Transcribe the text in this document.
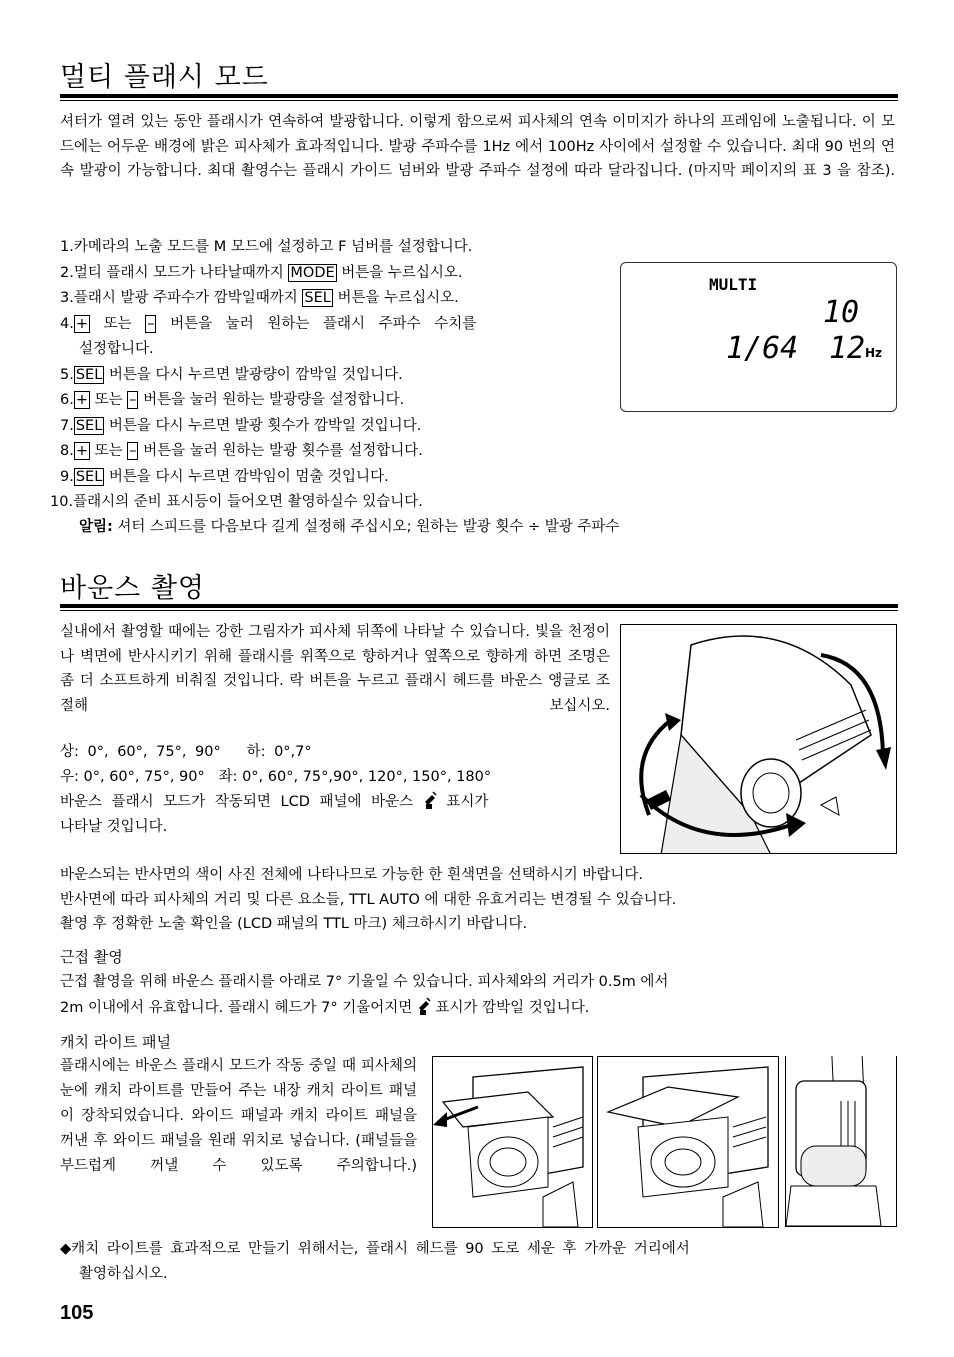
멀티 플래시 모드
셔터가 열려 있는 동안 플래시가 연속하여 발광합니다. 이렇게 함으로써 피사체의 연속 이미지가 하나의 프레임에 노출됩니다. 이 모드에는 어두운 배경에 밝은 피사체가 효과적입니다. 발광 주파수를 1Hz 에서 100Hz 사이에서 설정할 수 있습니다. 최대 90 번의 연속 발광이 가능합니다. 최대 촬영수는 플래시 가이드 넘버와 발광 주파수 설정에 따라 달라집니다. (마지막 페이지의 표 3 을 참조).
1.카메라의 노출 모드를 M 모드에 설정하고 F 넘버를 설정합니다.
2.멀티 플래시 모드가 나타날때까지 MODE 버튼을 누르십시오.
3.플래시 발광 주파수가 깜박일때까지 SEL 버튼을 누르십시오.
4. + 또는 – 버튼을 눌러 원하는 플래시 주파수 수치를
설정합니다.
5. SEL 버튼을 다시 누르면 발광량이 깜박일 것입니다.
6. + 또는 – 버튼을 눌러 원하는 발광량을 설정합니다.
7. SEL 버튼을 다시 누르면 발광 횟수가 깜박일 것입니다.
8. + 또는 – 버튼을 눌러 원하는 발광 횟수를 설정합니다.
9. SEL 버튼을 다시 누르면 깜박임이 멈출 것입니다.
10.플래시의 준비 표시등이 들어오면 촬영하실수 있습니다.
알림: 셔터 스피드를 다음보다 길게 설정해 주십시오; 원하는 발광 횟수 ÷ 발광 주파수
MULTI
10
1/64 12 Hz
바운스 촬영
실내에서 촬영할 때에는 강한 그림자가 피사체 뒤쪽에 나타날 수 있습니다. 빛을 천정이나 벽면에 반사시키기 위해 플래시를 위쪽으로 향하거나 옆쪽으로 향하게 하면 조명은 좀 더 소프트하게 비춰질 것입니다. 락 버튼을 누르고 플래시 헤드를 바운스 앵글로 조절해 보십시오.
상: 0°, 60°, 75°, 90° 하: 0°,7°
우: 0°, 60°, 75°, 90° 좌: 0°, 60°, 75°,90°, 120°, 150°, 180°
바운스 플래시 모드가 작동되면 LCD 패널에 바운스 표시가
나타날 것입니다.
바운스되는 반사면의 색이 사진 전체에 나타나므로 가능한 한 흰색면을 선택하시기 바랍니다.
반사면에 따라 피사체의 거리 및 다른 요소들, TTL AUTO 에 대한 유효거리는 변경될 수 있습니다.
촬영 후 정확한 노출 확인을 (LCD 패널의 TTL 마크) 체크하시기 바랍니다.
근접 촬영
근접 촬영을 위해 바운스 플래시를 아래로 7° 기울일 수 있습니다. 피사체와의 거리가 0.5m 에서
2m 이내에서 유효합니다. 플래시 헤드가 7° 기울어지면 표시가 깜박일 것입니다.
캐치 라이트 패널
플래시에는 바운스 플래시 모드가 작동 중일 때 피사체의 눈에 캐치 라이트를 만들어 주는 내장 캐치 라이트 패널이 장착되었습니다. 와이드 패널과 캐치 라이트 패널을 꺼낸 후 와이드 패널을 원래 위치로 넣습니다. (패널들을 부드럽게 꺼낼 수 있도록 주의합니다.)
◆캐치 라이트를 효과적으로 만들기 위해서는, 플래시 헤드를 90 도로 세운 후 가까운 거리에서
촬영하십시오.
105
